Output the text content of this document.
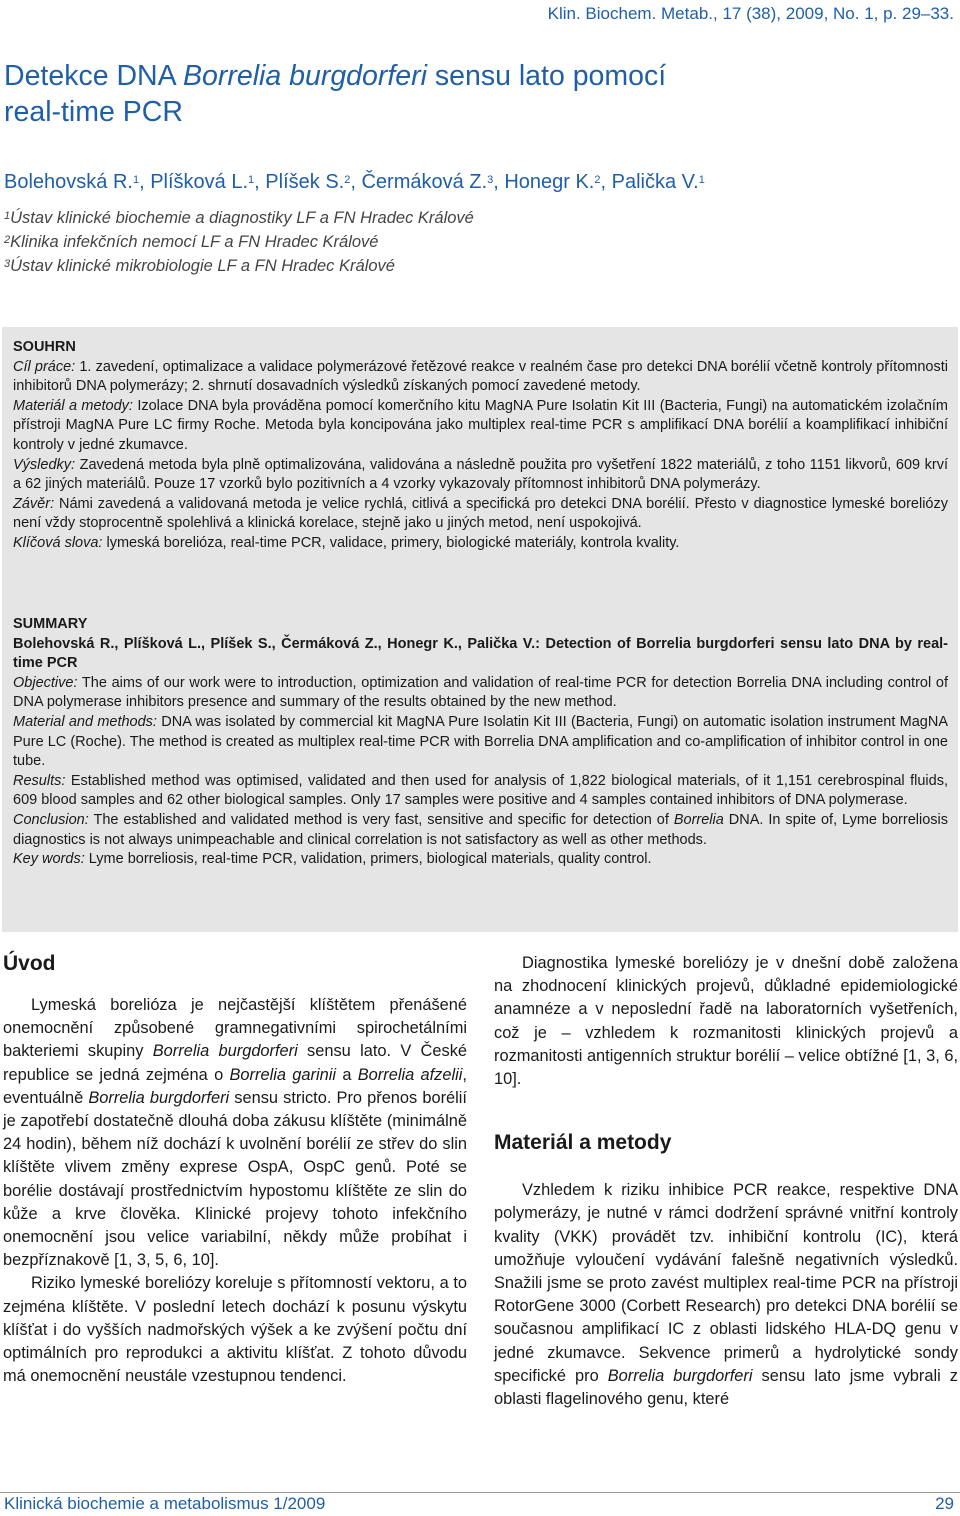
Klin. Biochem. Metab., 17 (38), 2009, No. 1, p. 29–33.
Detekce DNA Borrelia burgdorferi sensu lato pomocí
real-time PCR
Bolehovská R.$^1$, Plíšková L.$^1$, Plíšek S.$^2$, Čermáková Z.$^3$, Honegr K.$^2$, Palička V.$^1$
$^1$Ústav klinické biochemie a diagnostiky LF a FN Hradec Králové
$^2$Klinika infekčních nemocí LF a FN Hradec Králové
$^3$Ústav klinické mikrobiologie LF a FN Hradec Králové

SOUHRN

Cíl práce: 1. zavedení, optimalizace a validace polymerázové řetězové reakce v realném čase pro detekci DNA borélií včetně kontroly přítomnosti inhibitorů DNA polymerázy; 2. shrnutí dosavadních výsledků získaných pomocí zavedené metody.

Materiál a metody: Izolace DNA byla prováděna pomocí komerčního kitu MagNA Pure Isolatin Kit III (Bacteria, Fungi) na automatickém izolačním přístroji MagNA Pure LC firmy Roche. Metoda byla koncipována jako multiplex real-time PCR s amplifikací DNA borélií a koamplifikací inhibiční kontroly v jedné zkumavce.

Výsledky: Zavedená metoda byla plně optimalizována, validována a následně použita pro vyšetření 1822 materiálů, z toho 1151 likvorů, 609 krví a 62 jiných materiálů. Pouze 17 vzorků bylo pozitivních a 4 vzorky vykazovaly přítomnost inhibitorů DNA polymerázy.

Závěr: Námi zavedená a validovaná metoda je velice rychlá, citlivá a specifická pro detekci DNA borélií. Přesto v diagnostice lymeské boreliózy není vždy stoprocentně spolehlivá a klinická korelace, stejně jako u jiných metod, není uspokojivá.

Klíčová slova: lymeská borelióza, real-time PCR, validace, primery, biologické materiály, kontrola kvality.

SUMMARY

Bolehovská R., Plíšková L., Plíšek S., Čermáková Z., Honegr K., Palička V.: Detection of Borrelia burgdorferi sensu lato DNA by real-time PCR

Objective: The aims of our work were to introduction, optimization and validation of real-time PCR for detection Borrelia DNA including control of DNA polymerase inhibitors presence and summary of the results obtained by the new method.

Material and methods: DNA was isolated by commercial kit MagNA Pure Isolatin Kit III (Bacteria, Fungi) on automatic isolation instrument MagNA Pure LC (Roche). The method is created as multiplex real-time PCR with Borrelia DNA amplification and co-amplification of inhibitor control in one tube.

Results: Established method was optimised, validated and then used for analysis of 1,822 biological materials, of it 1,151 cerebrospinal fluids, 609 blood samples and 62 other biological samples. Only 17 samples were positive and 4 samples contained inhibitors of DNA polymerase.

Conclusion: The established and validated method is very fast, sensitive and specific for detection of Borrelia DNA. In spite of, Lyme borreliosis diagnostics is not always unimpeachable and clinical correlation is not satisfactory as well as other methods.

Key words: Lyme borreliosis, real-time PCR, validation, primers, biological materials, quality control.

Úvod

Lymeská borelióza je nejčastější klíštětem přenášené onemocnění způsobené gramnegativními spirochetálními bakteriemi skupiny Borrelia burgdorferi sensu lato. V České republice se jedná zejména o Borrelia garinii a Borrelia afzelii, eventuálně Borrelia burgdorferi sensu stricto. Pro přenos borélií je zapotřebí dostatečně dlouhá doba zákusu klíštěte (minimálně 24 hodin), během níž dochází k uvolnění borélií ze střev do slin klíštěte vlivem změny exprese OspA, OspC genů. Poté se borélie dostávají prostřednictvím hypostomu klíštěte ze slin do kůže a krve člověka. Klinické projevy tohoto infekčního onemocnění jsou velice variabilní, někdy může probíhat i bezpříznakově [1, 3, 5, 6, 10].

Riziko lymeské boreliózy koreluje s přítomností vektoru, a to zejména klíštěte. V poslední letech dochází k posunu výskytu klíšťat i do vyšších nadmořských výšek a ke zvýšení počtu dní optimálních pro reprodukci a aktivitu klíšťat. Z tohoto důvodu má onemocnění neustále vzestupnou tendenci.

Diagnostika lymeské boreliózy je v dnešní době založena na zhodnocení klinických projevů, důkladné epidemiologické anamnéze a v neposlední řadě na laboratorních vyšetřeních, což je – vzhledem k rozmanitosti klinických projevů a rozmanitosti antigenních struktur borélií – velice obtížné [1, 3, 6, 10].

Materiál a metody

Vzhledem k riziku inhibice PCR reakce, respektive DNA polymerázy, je nutné v rámci dodržení správné vnitřní kontroly kvality (VKK) provádět tzv. inhibiční kontrolu (IC), která umožňuje vyloučení vydávání falešně negativních výsledků. Snažili jsme se proto zavést multiplex real-time PCR na přístroji RotorGene 3000 (Corbett Research) pro detekci DNA borélií se současnou amplifikací IC z oblasti lidského HLA-DQ genu v jedné zkumavce. Sekvence primerů a hydrolytické sondy specifické pro Borrelia burgdorferi sensu lato jsme vybrali z oblasti flagelinového genu, které

Klinická biochemie a metabolismus 1/2009	29
